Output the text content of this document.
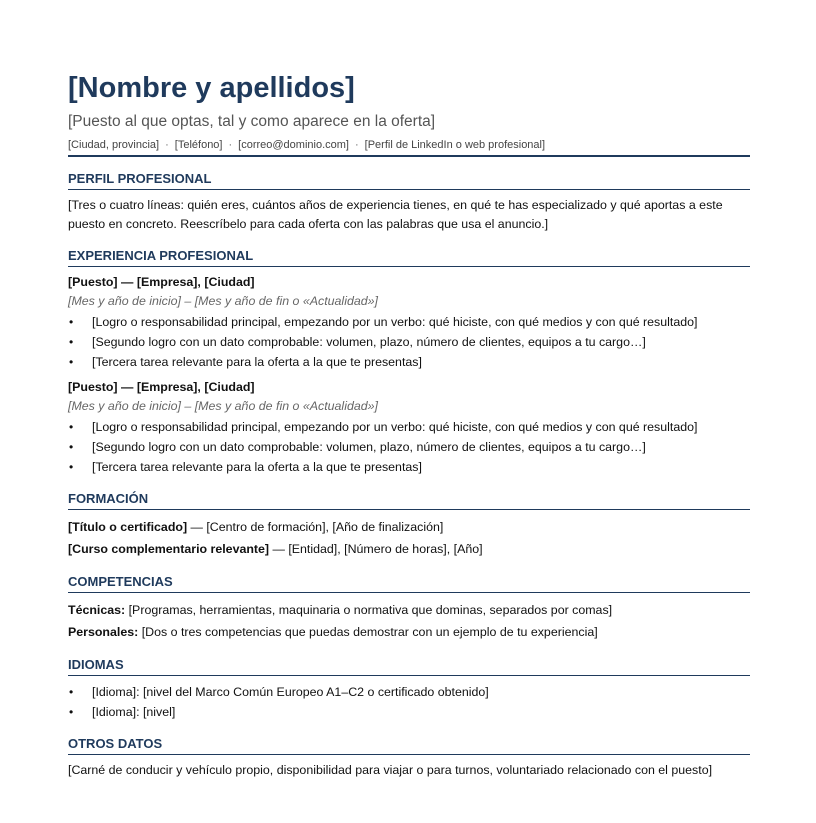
[Nombre y apellidos]
[Puesto al que optas, tal y como aparece en la oferta]
[Ciudad, provincia] · [Teléfono] · [correo@dominio.com] · [Perfil de LinkedIn o web profesional]
PERFIL PROFESIONAL
[Tres o cuatro líneas: quién eres, cuántos años de experiencia tienes, en qué te has especializado y qué aportas a este puesto en concreto. Reescríbelo para cada oferta con las palabras que usa el anuncio.]
EXPERIENCIA PROFESIONAL
[Puesto] — [Empresa], [Ciudad]
[Mes y año de inicio] – [Mes y año de fin o «Actualidad»]
• [Logro o responsabilidad principal, empezando por un verbo: qué hiciste, con qué medios y con qué resultado]
• [Segundo logro con un dato comprobable: volumen, plazo, número de clientes, equipos a tu cargo…]
• [Tercera tarea relevante para la oferta a la que te presentas]
[Puesto] — [Empresa], [Ciudad]
[Mes y año de inicio] – [Mes y año de fin o «Actualidad»]
• [Logro o responsabilidad principal, empezando por un verbo: qué hiciste, con qué medios y con qué resultado]
• [Segundo logro con un dato comprobable: volumen, plazo, número de clientes, equipos a tu cargo…]
• [Tercera tarea relevante para la oferta a la que te presentas]
FORMACIÓN
[Título o certificado] — [Centro de formación], [Año de finalización]
[Curso complementario relevante] — [Entidad], [Número de horas], [Año]
COMPETENCIAS
Técnicas: [Programas, herramientas, maquinaria o normativa que dominas, separados por comas]
Personales: [Dos o tres competencias que puedas demostrar con un ejemplo de tu experiencia]
IDIOMAS
• [Idioma]: [nivel del Marco Común Europeo A1–C2 o certificado obtenido]
• [Idioma]: [nivel]
OTROS DATOS
[Carné de conducir y vehículo propio, disponibilidad para viajar o para turnos, voluntariado relacionado con el puesto]
